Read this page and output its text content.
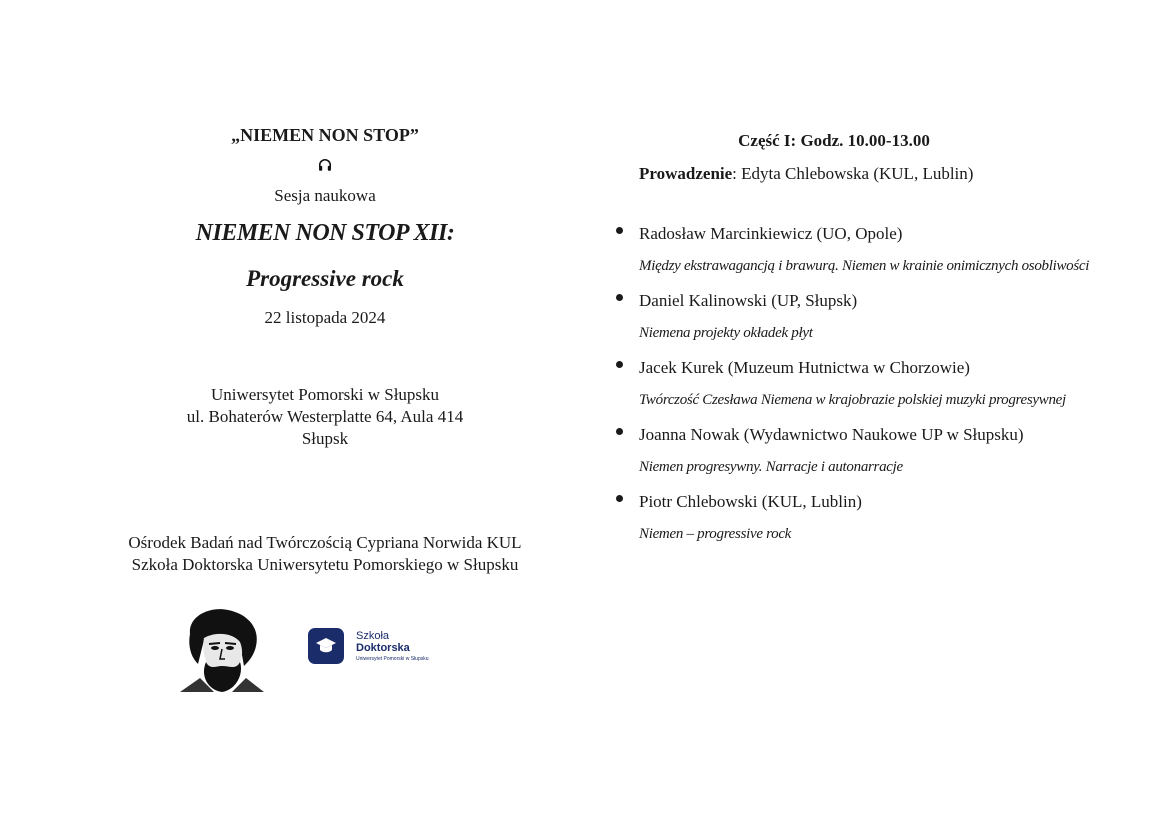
„NIEMEN NON STOP”

Sesja naukowa

NIEMEN NON STOP XII:

Progressive rock

22 listopada 2024

Uniwersytet Pomorski w Słupsku
ul. Bohaterów Westerplatte 64, Aula 414
Słupsk
Ośrodek Badań nad Twórczością Cypriana Norwida KUL
Szkoła Doktorska Uniwersytetu Pomorskiego w Słupsku
Szkoła
Doktorska
Uniwersytet Pomorski w Słupsku

Część I: Godz. 10.00-13.00

Prowadzenie: Edyta Chlebowska (KUL, Lublin)

Radosław Marcinkiewicz (UO, Opole)

Między ekstrawagancją i brawurą. Niemen w krainie onimicznych osobliwości

Daniel Kalinowski (UP, Słupsk)

Niemena projekty okładek płyt

Jacek Kurek (Muzeum Hutnictwa w Chorzowie)

Twórczość Czesława Niemena w krajobrazie polskiej muzyki progresywnej

Joanna Nowak (Wydawnictwo Naukowe UP w Słupsku)

Niemen progresywny. Narracje i autonarracje

Piotr Chlebowski (KUL, Lublin)

Niemen – progressive rock
